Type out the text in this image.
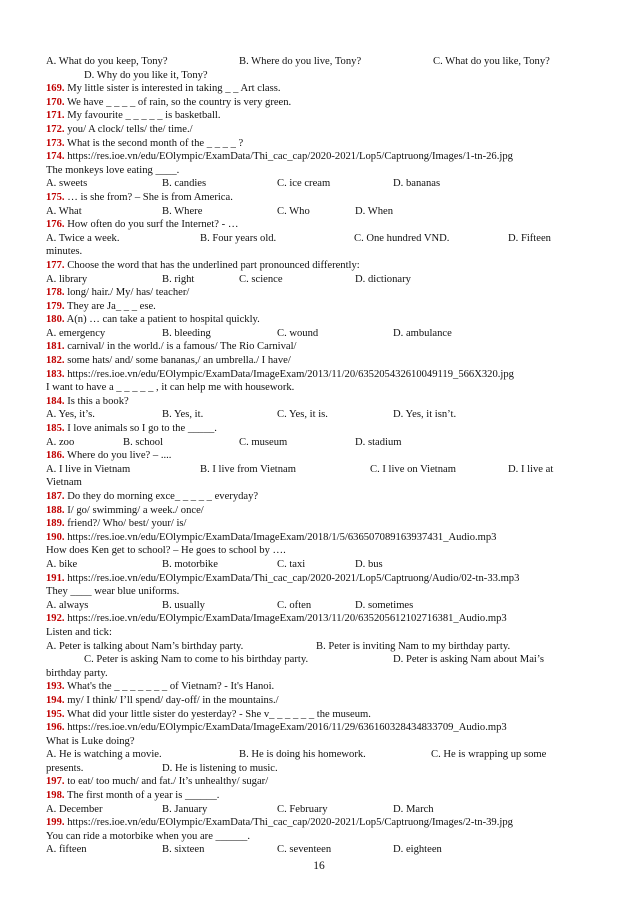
A. What do you keep, Tony?	B. Where do you live, Tony?	C. What do you like, Tony?
D. Why do you like it, Tony?
169. My little sister is interested in taking _ _ Art class.
170. We have _ _ _ _ of rain, so the country is very green.
171. My favourite _ _ _ _ _ is basketball.
172. you/ A clock/ tells/ the/ time./
173. What is the second month of the _ _ _ _ ?
174. https://res.ioe.vn/edu/EOlympic/ExamData/Thi_cac_cap/2020-2021/Lop5/Captruong/Images/1-tn-26.jpg
The monkeys love eating ____.
A. sweets	B. candies	C. ice cream	D. bananas
175. … is she from? – She is from America.
A. What	B. Where	C. Who	D. When
176. How often do you surf the Internet? - …
A. Twice a week.	B. Four years old.	C. One hundred VND.	D. Fifteen
minutes.
177. Choose the word that has the underlined part pronounced differently:
A. library	B. right	C. science	D. dictionary
178. long/ hair./ My/ has/ teacher/
179. They are Ja_ _ _ ese.
180. A(n) … can take a patient to hospital quickly.
A. emergency	B. bleeding	C. wound	D. ambulance
181. carnival/ in the world./ is a famous/ The Rio Carnival/
182. some hats/ and/ some bananas,/ an umbrella./ I have/
183. https://res.ioe.vn/edu/EOlympic/ExamData/ImageExam/2013/11/20/635205432610049119_566X320.jpg
I want to have a _ _ _ _ _ , it can help me with housework.
184. Is this a book?
A. Yes, it’s.	B. Yes, it.	C. Yes, it is.	D. Yes, it isn’t.
185. I love animals so I go to the _____.
A. zoo	B. school	C. museum	D. stadium
186. Where do you live? – ....
A. I live in Vietnam	B. I live from Vietnam	C. I live on Vietnam	D. I live at
Vietnam
187. Do they do morning exce_ _ _ _ _ everyday?
188. I/ go/ swimming/ a week./ once/
189. friend?/ Who/ best/ your/ is/
190. https://res.ioe.vn/edu/EOlympic/ExamData/ImageExam/2018/1/5/636507089163937431_Audio.mp3
How does Ken get to school? – He goes to school by ….
A. bike	B. motorbike	C. taxi	D. bus
191. https://res.ioe.vn/edu/EOlympic/ExamData/Thi_cac_cap/2020-2021/Lop5/Captruong/Audio/02-tn-33.mp3
They ____ wear blue uniforms.
A. always	B. usually	C. often	D. sometimes
192. https://res.ioe.vn/edu/EOlympic/ExamData/ImageExam/2013/11/20/635205612102716381_Audio.mp3
Listen and tick:
A. Peter is talking about Nam’s birthday party.	B. Peter is inviting Nam to my birthday party.
C. Peter is asking Nam to come to his birthday party.	D. Peter is asking Nam about Mai’s
birthday party.
193. What's the _ _ _ _ _ _ _ of Vietnam? - It's Hanoi.
194. my/ I think/ I’ll spend/ day-off/ in the mountains./
195. What did your little sister do yesterday? - She v_ _ _ _ _ _ the museum.
196. https://res.ioe.vn/edu/EOlympic/ExamData/ImageExam/2016/11/29/636160328434833709_Audio.mp3
What is Luke doing?
A. He is watching a movie.	B. He is doing his homework.	C. He is wrapping up some
presents.	D. He is listening to music.
197. to eat/ too much/ and fat./ It’s unhealthy/ sugar/
198. The first month of a year is ______.
A. December	B. January	C. February	D. March
199. https://res.ioe.vn/edu/EOlympic/ExamData/Thi_cac_cap/2020-2021/Lop5/Captruong/Images/2-tn-39.jpg
You can ride a motorbike when you are ______.
A. fifteen	B. sixteen	C. seventeen	D. eighteen
16
